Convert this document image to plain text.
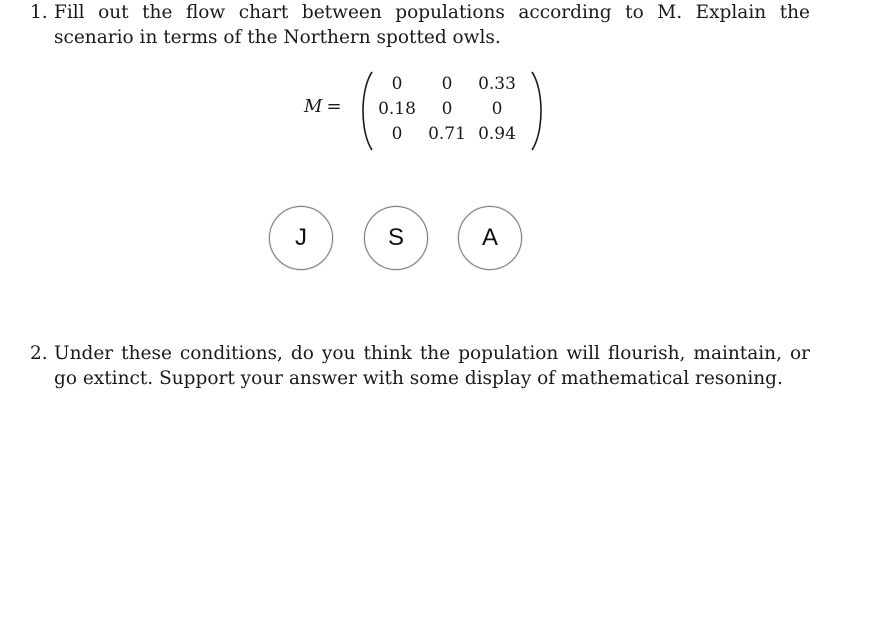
1. Fill out the flow chart between populations according to M. Explain the scenario in terms of the Northern spotted owls.
M =
0	0	0.33
0.18	0	0
0	0.71 0.94
J	S	A
2. Under these conditions, do you think the population will flourish, maintain, or go extinct. Support your answer with some display of mathematical resoning.
